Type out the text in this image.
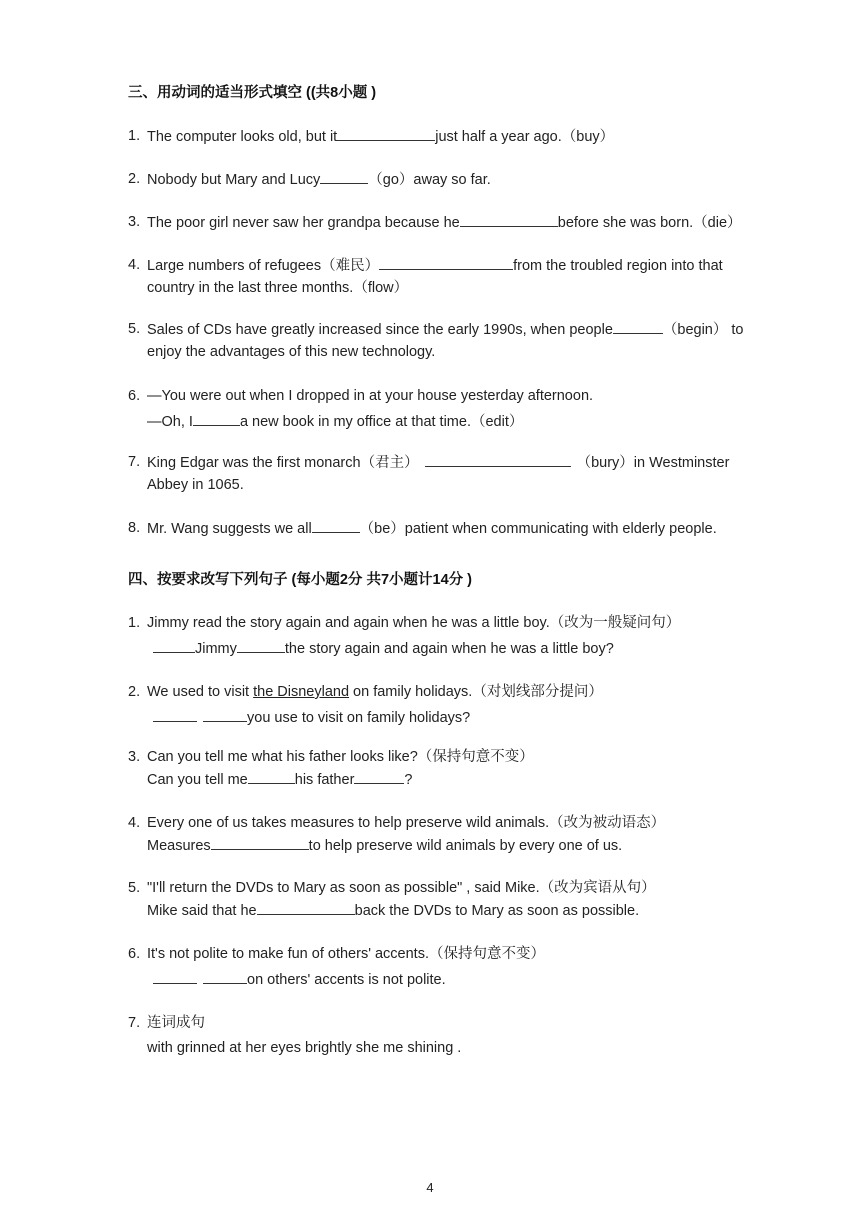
三、用动词的适当形式填空 ((共8小题 )
1. The computer looks old, but it	just half a year ago.（buy）
2. Nobody but Mary and Lucy	（go）away so far.
3. The poor girl never saw her grandpa because he	before she was born.（die）
4. Large numbers of refugees（难民）	from the troubled region into that
country in the last three months.（flow）
5. Sales of CDs have greatly increased since the early 1990s, when people	（begin） to
enjoy the advantages of this new technology.
6. —You were out when I dropped in at your house yesterday afternoon.
—Oh, I	a new book in my office at that time.（edit）
7. King Edgar was the first monarch（君主）	（bury）in Westminster
Abbey in 1065.
8. Mr. Wang suggests we all	（be）patient when communicating with elderly people.
四、按要求改写下列句子 (每小题2分 共7小题计14分 )
1. Jimmy read the story again and again when he was a little boy.（改为一般疑问句）
Jimmy	the story again and again when he was a little boy?
2. We used to visit the Disneyland on family holidays.（对划线部分提问）
you use to visit on family holidays?
3. Can you tell me what his father looks like?（保持句意不变）
Can you tell me	his father	?
4. Every one of us takes measures to help preserve wild animals.（改为被动语态）
Measures	to help preserve wild animals by every one of us.
5. "I'll return the DVDs to Mary as soon as possible" , said Mike.（改为宾语从句）
Mike said that he	back the DVDs to Mary as soon as possible.
6. It's not polite to make fun of others' accents.（保持句意不变）
on others' accents is not polite.
7. 连词成句
with grinned at her eyes brightly she me shining .
4
